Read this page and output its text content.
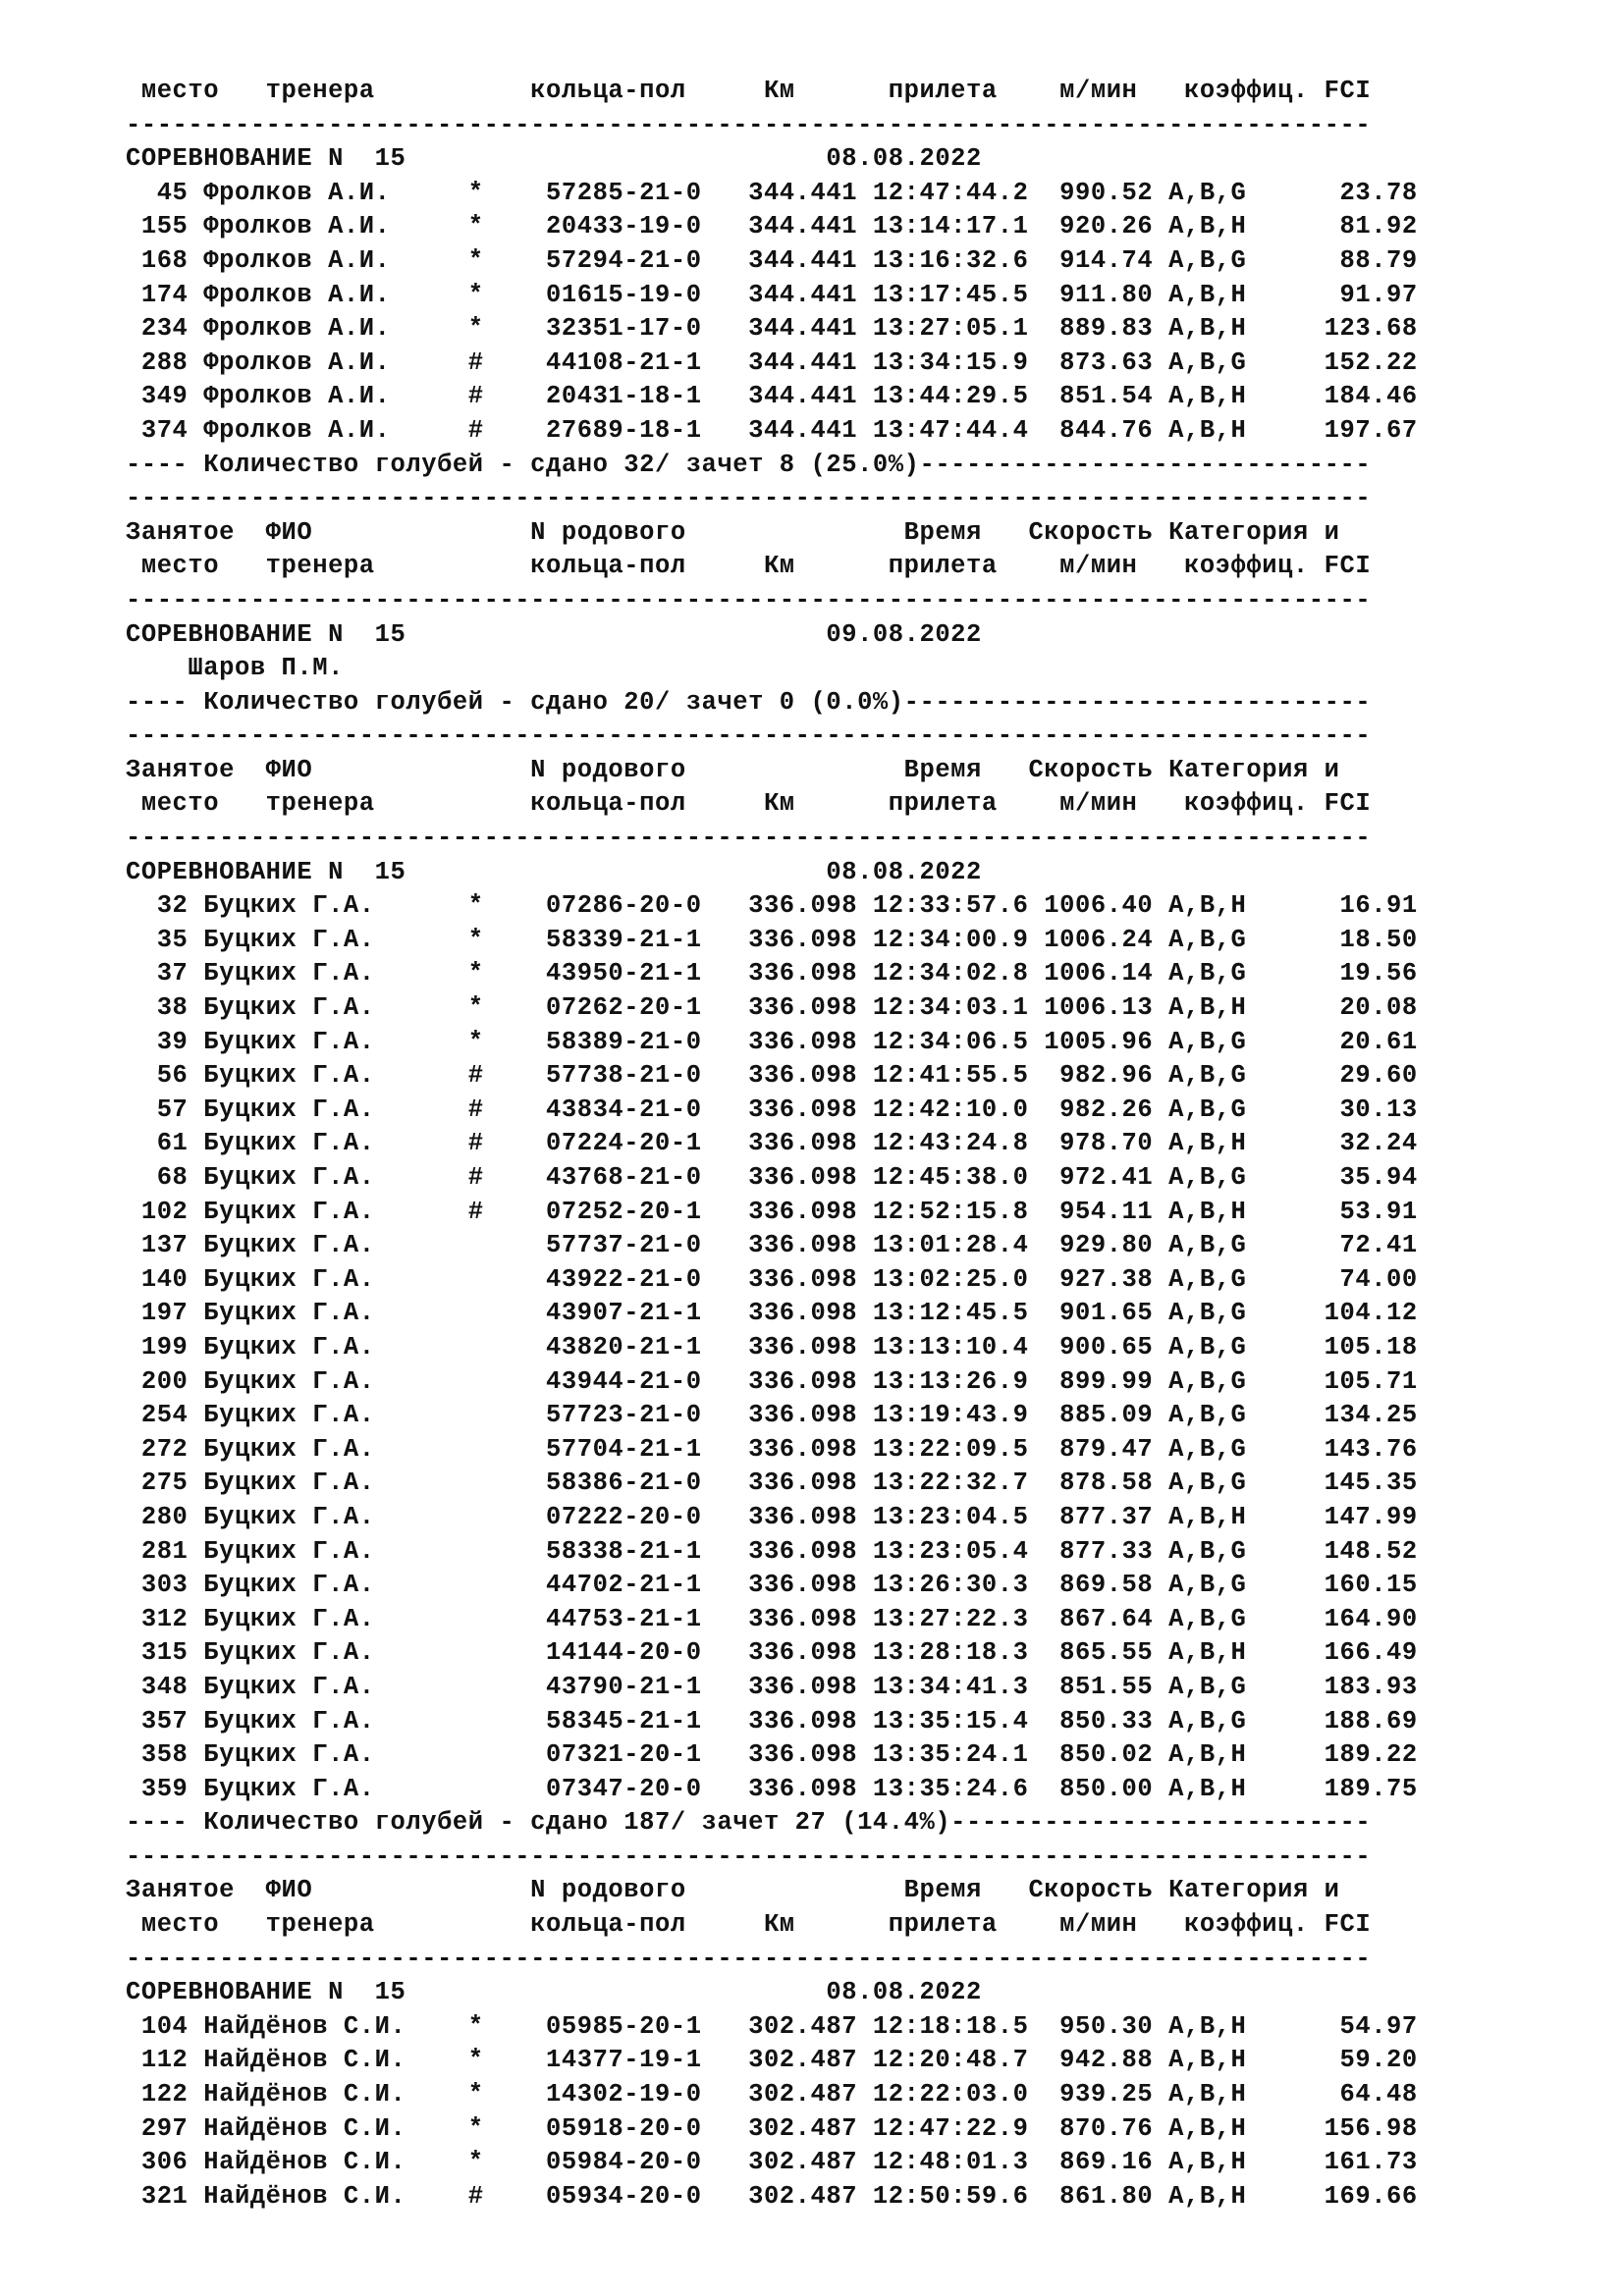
место   тренера          кольца-пол     Км      прилета    м/мин   коэффиц. FCI
--------------------------------------------------------------------------------
СОРЕВНОВАНИЕ N  15                           08.08.2022
45 Фролков А.И.     *    57285-21-0   344.441 12:47:44.2  990.52 A,B,G      23.78
155 Фролков А.И.     *    20433-19-0   344.441 13:14:17.1  920.26 A,B,H      81.92
168 Фролков А.И.     *    57294-21-0   344.441 13:16:32.6  914.74 A,B,G      88.79
174 Фролков А.И.     *    01615-19-0   344.441 13:17:45.5  911.80 A,B,H      91.97
234 Фролков А.И.     *    32351-17-0   344.441 13:27:05.1  889.83 A,B,H     123.68
288 Фролков А.И.     #    44108-21-1   344.441 13:34:15.9  873.63 A,B,G     152.22
349 Фролков А.И.     #    20431-18-1   344.441 13:44:29.5  851.54 A,B,H     184.46
374 Фролков А.И.     #    27689-18-1   344.441 13:47:44.4  844.76 A,B,H     197.67
---- Количество голубей - сдано 32/ зачет 8 (25.0%)-----------------------------
--------------------------------------------------------------------------------
Занятое  ФИО              N родового              Время   Скорость Категория и
место   тренера          кольца-пол     Км      прилета    м/мин   коэффиц. FCI
--------------------------------------------------------------------------------
СОРЕВНОВАНИЕ N  15                           09.08.2022
Шаров П.М.
---- Количество голубей - сдано 20/ зачет 0 (0.0%)------------------------------
--------------------------------------------------------------------------------
Занятое  ФИО              N родового              Время   Скорость Категория и
место   тренера          кольца-пол     Км      прилета    м/мин   коэффиц. FCI
--------------------------------------------------------------------------------
СОРЕВНОВАНИЕ N  15                           08.08.2022
32 Буцких Г.А.      *    07286-20-0   336.098 12:33:57.6 1006.40 A,B,H      16.91
35 Буцких Г.А.      *    58339-21-1   336.098 12:34:00.9 1006.24 A,B,G      18.50
37 Буцких Г.А.      *    43950-21-1   336.098 12:34:02.8 1006.14 A,B,G      19.56
38 Буцких Г.А.      *    07262-20-1   336.098 12:34:03.1 1006.13 A,B,H      20.08
39 Буцких Г.А.      *    58389-21-0   336.098 12:34:06.5 1005.96 A,B,G      20.61
56 Буцких Г.А.      #    57738-21-0   336.098 12:41:55.5  982.96 A,B,G      29.60
57 Буцких Г.А.      #    43834-21-0   336.098 12:42:10.0  982.26 A,B,G      30.13
61 Буцких Г.А.      #    07224-20-1   336.098 12:43:24.8  978.70 A,B,H      32.24
68 Буцких Г.А.      #    43768-21-0   336.098 12:45:38.0  972.41 A,B,G      35.94
102 Буцких Г.А.      #    07252-20-1   336.098 12:52:15.8  954.11 A,B,H      53.91
137 Буцких Г.А.           57737-21-0   336.098 13:01:28.4  929.80 A,B,G      72.41
140 Буцких Г.А.           43922-21-0   336.098 13:02:25.0  927.38 A,B,G      74.00
197 Буцких Г.А.           43907-21-1   336.098 13:12:45.5  901.65 A,B,G     104.12
199 Буцких Г.А.           43820-21-1   336.098 13:13:10.4  900.65 A,B,G     105.18
200 Буцких Г.А.           43944-21-0   336.098 13:13:26.9  899.99 A,B,G     105.71
254 Буцких Г.А.           57723-21-0   336.098 13:19:43.9  885.09 A,B,G     134.25
272 Буцких Г.А.           57704-21-1   336.098 13:22:09.5  879.47 A,B,G     143.76
275 Буцких Г.А.           58386-21-0   336.098 13:22:32.7  878.58 A,B,G     145.35
280 Буцких Г.А.           07222-20-0   336.098 13:23:04.5  877.37 A,B,H     147.99
281 Буцких Г.А.           58338-21-1   336.098 13:23:05.4  877.33 A,B,G     148.52
303 Буцких Г.А.           44702-21-1   336.098 13:26:30.3  869.58 A,B,G     160.15
312 Буцких Г.А.           44753-21-1   336.098 13:27:22.3  867.64 A,B,G     164.90
315 Буцких Г.А.           14144-20-0   336.098 13:28:18.3  865.55 A,B,H     166.49
348 Буцких Г.А.           43790-21-1   336.098 13:34:41.3  851.55 A,B,G     183.93
357 Буцких Г.А.           58345-21-1   336.098 13:35:15.4  850.33 A,B,G     188.69
358 Буцких Г.А.           07321-20-1   336.098 13:35:24.1  850.02 A,B,H     189.22
359 Буцких Г.А.           07347-20-0   336.098 13:35:24.6  850.00 A,B,H     189.75
---- Количество голубей - сдано 187/ зачет 27 (14.4%)---------------------------
--------------------------------------------------------------------------------
Занятое  ФИО              N родового              Время   Скорость Категория и
место   тренера          кольца-пол     Км      прилета    м/мин   коэффиц. FCI
--------------------------------------------------------------------------------
СОРЕВНОВАНИЕ N  15                           08.08.2022
104 Найдёнов С.И.    *    05985-20-1   302.487 12:18:18.5  950.30 A,B,H      54.97
112 Найдёнов С.И.    *    14377-19-1   302.487 12:20:48.7  942.88 A,B,H      59.20
122 Найдёнов С.И.    *    14302-19-0   302.487 12:22:03.0  939.25 A,B,H      64.48
297 Найдёнов С.И.    *    05918-20-0   302.487 12:47:22.9  870.76 A,B,H     156.98
306 Найдёнов С.И.    *    05984-20-0   302.487 12:48:01.3  869.16 A,B,H     161.73
321 Найдёнов С.И.    #    05934-20-0   302.487 12:50:59.6  861.80 A,B,H     169.66
